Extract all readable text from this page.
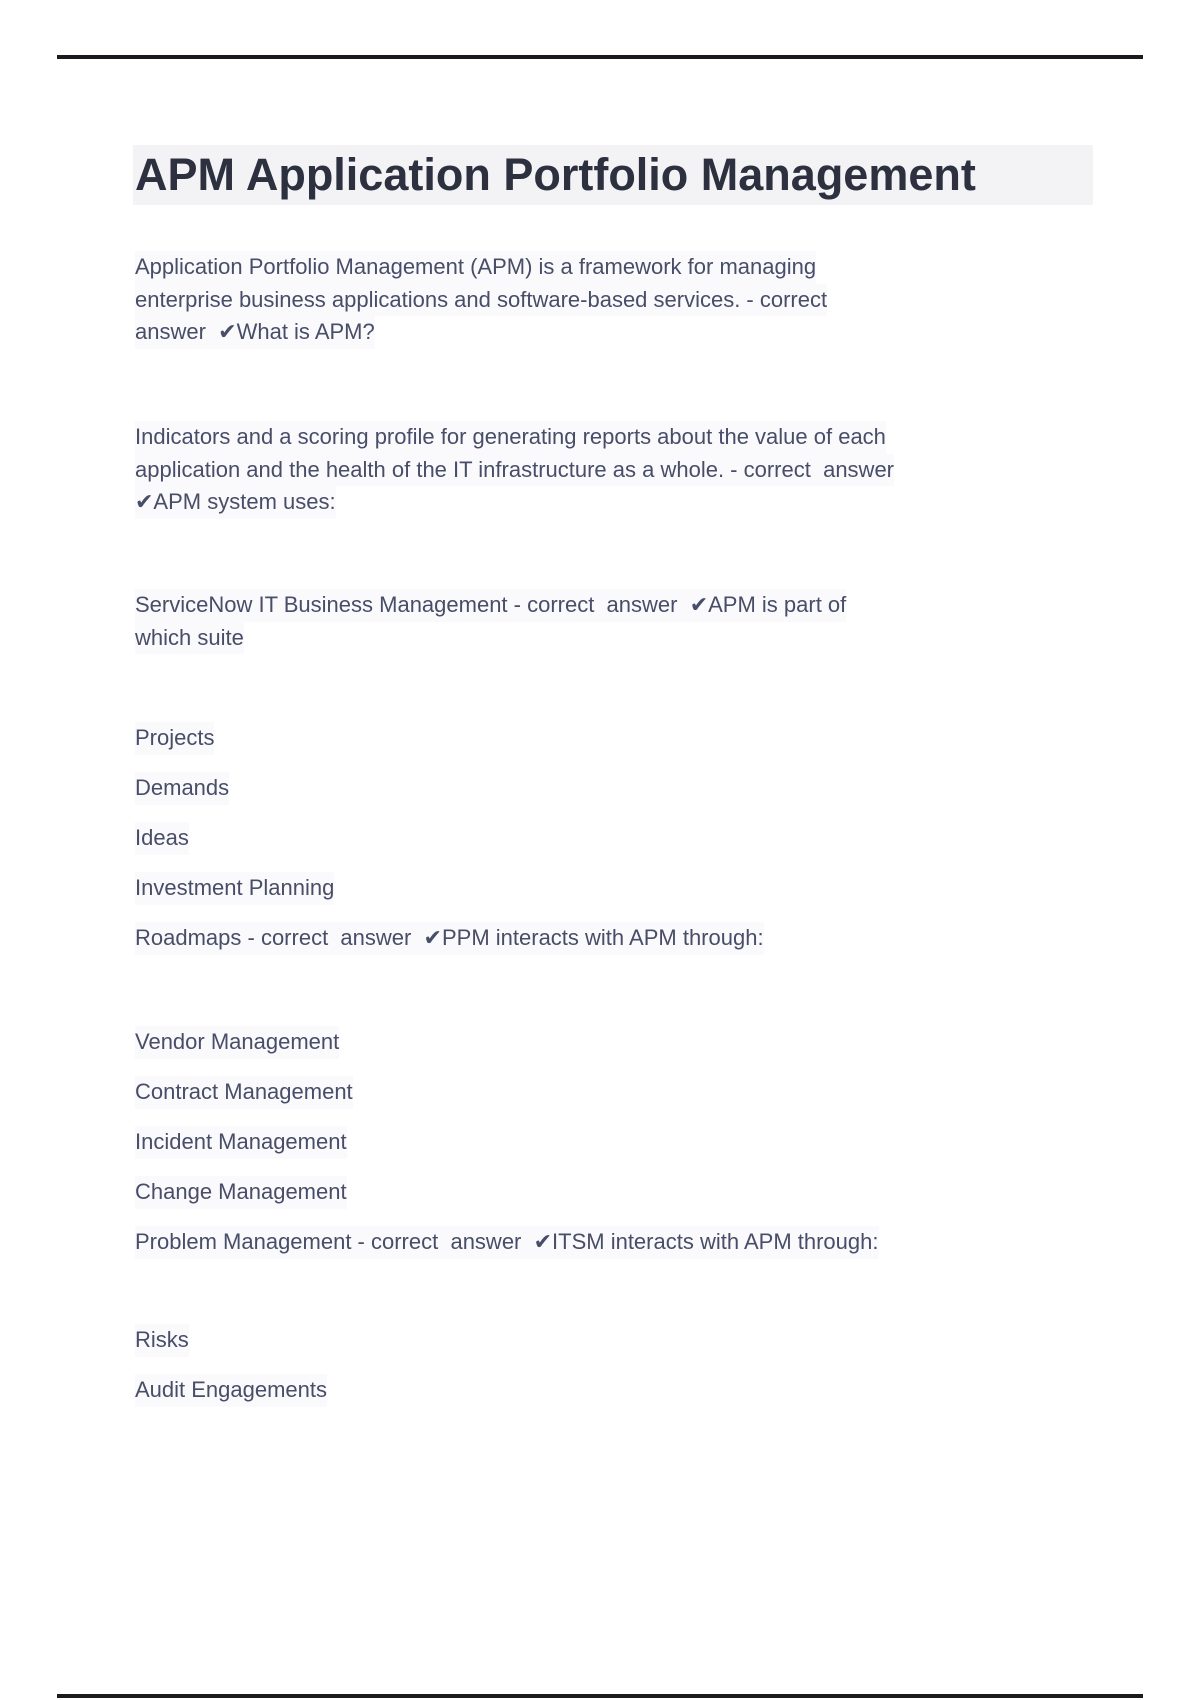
APM Application Portfolio Management
Application Portfolio Management (APM) is a framework for managing
enterprise business applications and software-based services. - correct
answer  ✔What is APM?
Indicators and a scoring profile for generating reports about the value of each
application and the health of the IT infrastructure as a whole. - correct  answer
✔APM system uses:
ServiceNow IT Business Management - correct  answer  ✔APM is part of
which suite
Projects
Demands
Ideas
Investment Planning
Roadmaps - correct  answer  ✔PPM interacts with APM through:
Vendor Management
Contract Management
Incident Management
Change Management
Problem Management - correct  answer  ✔ITSM interacts with APM through:
Risks
Audit Engagements
